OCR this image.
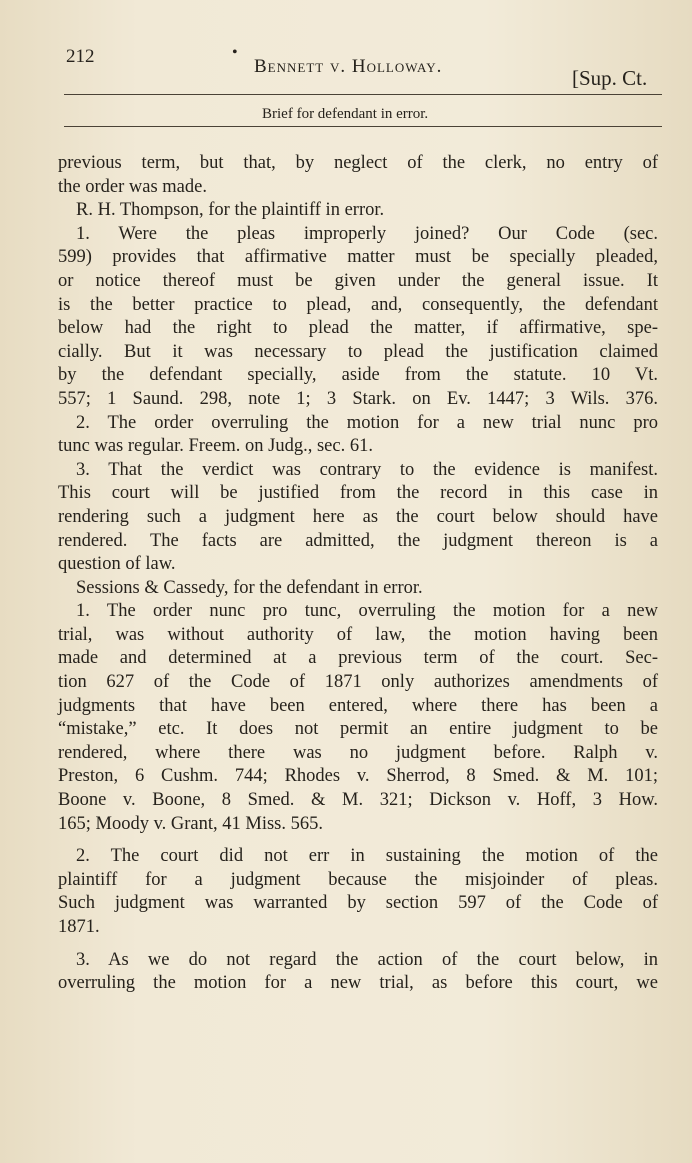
212	•
Bennett v. Holloway.	[Sup. Ct.
Brief for defendant in error.
previous term, but that, by neglect of the clerk, no entry of
the order was made.
R. H. Thompson, for the plaintiff in error.
1. Were the pleas improperly joined? Our Code (sec.
599) provides that affirmative matter must be specially pleaded,
or notice thereof must be given under the general issue. It
is the better practice to plead, and, consequently, the defendant
below had the right to plead the matter, if affirmative, spe-
cially. But it was necessary to plead the justification claimed
by the defendant specially, aside from the statute. 10 Vt.
557; 1 Saund. 298, note 1; 3 Stark. on Ev. 1447; 3 Wils. 376.
2. The order overruling the motion for a new trial nunc pro
tunc was regular. Freem. on Judg., sec. 61.
3. That the verdict was contrary to the evidence is manifest.
This court will be justified from the record in this case in
rendering such a judgment here as the court below should have
rendered. The facts are admitted, the judgment thereon is a
question of law.
Sessions & Cassedy, for the defendant in error.
1. The order nunc pro tunc, overruling the motion for a new
trial, was without authority of law, the motion having been
made and determined at a previous term of the court. Sec-
tion 627 of the Code of 1871 only authorizes amendments of
judgments that have been entered, where there has been a
“mistake,” etc. It does not permit an entire judgment to be
rendered, where there was no judgment before. Ralph v.
Preston, 6 Cushm. 744; Rhodes v. Sherrod, 8 Smed. & M. 101;
Boone v. Boone, 8 Smed. & M. 321; Dickson v. Hoff, 3 How.
165; Moody v. Grant, 41 Miss. 565.
2. The court did not err in sustaining the motion of the
plaintiff for a judgment because the misjoinder of pleas.
Such judgment was warranted by section 597 of the Code of
1871.
3. As we do not regard the action of the court below, in
overruling the motion for a new trial, as before this court, we
